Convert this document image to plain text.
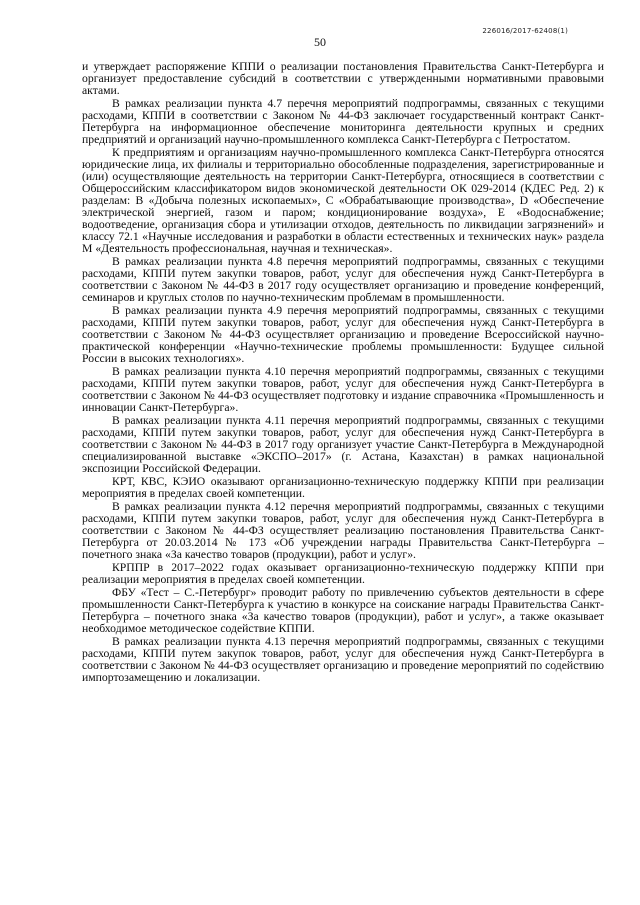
226016/2017-62408(1)
50

и утверждает распоряжение КППИ о реализации постановления Правительства Санкт-Петербурга и организует предоставление субсидий в соответствии с утвержденными нормативными правовыми актами.

В рамках реализации пункта 4.7 перечня мероприятий подпрограммы, связанных с текущими расходами, КППИ в соответствии с Законом № 44-ФЗ заключает государственный контракт Санкт-Петербурга на информационное обеспечение мониторинга деятельности крупных и средних предприятий и организаций научно-промышленного комплекса Санкт-Петербурга с Петростатом.

К предприятиям и организациям научно-промышленного комплекса Санкт-Петербурга относятся юридические лица, их филиалы и территориально обособленные подразделения, зарегистрированные и (или) осуществляющие деятельность на территории Санкт-Петербурга, относящиеся в соответствии с Общероссийским классификатором видов экономической деятельности ОК 029-2014 (КДЕС Ред. 2) к разделам: В «Добыча полезных ископаемых», С «Обрабатывающие производства», D «Обеспечение электрической энергией, газом и паром; кондиционирование воздуха», Е «Водоснабжение; водоотведение, организация сбора и утилизации отходов, деятельность по ликвидации загрязнений» и классу 72.1 «Научные исследования и разработки в области естественных и технических наук» раздела М «Деятельность профессиональная, научная и техническая».

В рамках реализации пункта 4.8 перечня мероприятий подпрограммы, связанных с текущими расходами, КППИ путем закупки товаров, работ, услуг для обеспечения нужд Санкт-Петербурга в соответствии с Законом № 44-ФЗ в 2017 году осуществляет организацию и проведение конференций, семинаров и круглых столов по научно-техническим проблемам в промышленности.

В рамках реализации пункта 4.9 перечня мероприятий подпрограммы, связанных с текущими расходами, КППИ путем закупки товаров, работ, услуг для обеспечения нужд Санкт-Петербурга в соответствии с Законом № 44-ФЗ осуществляет организацию и проведение Всероссийской научно-практической конференции «Научно-технические проблемы промышленности: Будущее сильной России в высоких технологиях».

В рамках реализации пункта 4.10 перечня мероприятий подпрограммы, связанных с текущими расходами, КППИ путем закупки товаров, работ, услуг для обеспечения нужд Санкт-Петербурга в соответствии с Законом № 44-ФЗ осуществляет подготовку и издание справочника «Промышленность и инновации Санкт-Петербурга».

В рамках реализации пункта 4.11 перечня мероприятий подпрограммы, связанных с текущими расходами, КППИ путем закупки товаров, работ, услуг для обеспечения нужд Санкт-Петербурга в соответствии с Законом № 44-ФЗ в 2017 году организует участие Санкт-Петербурга в Международной специализированной выставке «ЭКСПО–2017» (г. Астана, Казахстан) в рамках национальной экспозиции Российской Федерации.

КРТ, КВС, КЭИО оказывают организационно-техническую поддержку КППИ при реализации мероприятия в пределах своей компетенции.

В рамках реализации пункта 4.12 перечня мероприятий подпрограммы, связанных с текущими расходами, КППИ путем закупки товаров, работ, услуг для обеспечения нужд Санкт-Петербурга в соответствии с Законом № 44-ФЗ осуществляет реализацию постановления Правительства Санкт-Петербурга от 20.03.2014 № 173 «Об учреждении награды Правительства Санкт-Петербурга – почетного знака «За качество товаров (продукции), работ и услуг».

КРППР в 2017–2022 годах оказывает организационно-техническую поддержку КППИ при реализации мероприятия в пределах своей компетенции.

ФБУ «Тест – С.-Петербург» проводит работу по привлечению субъектов деятельности в сфере промышленности Санкт-Петербурга к участию в конкурсе на соискание награды Правительства Санкт-Петербурга – почетного знака «За качество товаров (продукции), работ и услуг», а также оказывает необходимое методическое содействие КППИ.

В рамках реализации пункта 4.13 перечня мероприятий подпрограммы, связанных с текущими расходами, КППИ путем закупок товаров, работ, услуг для обеспечения нужд Санкт-Петербурга в соответствии с Законом № 44-ФЗ осуществляет организацию и проведение мероприятий по содействию импортозамещению и локализации.
